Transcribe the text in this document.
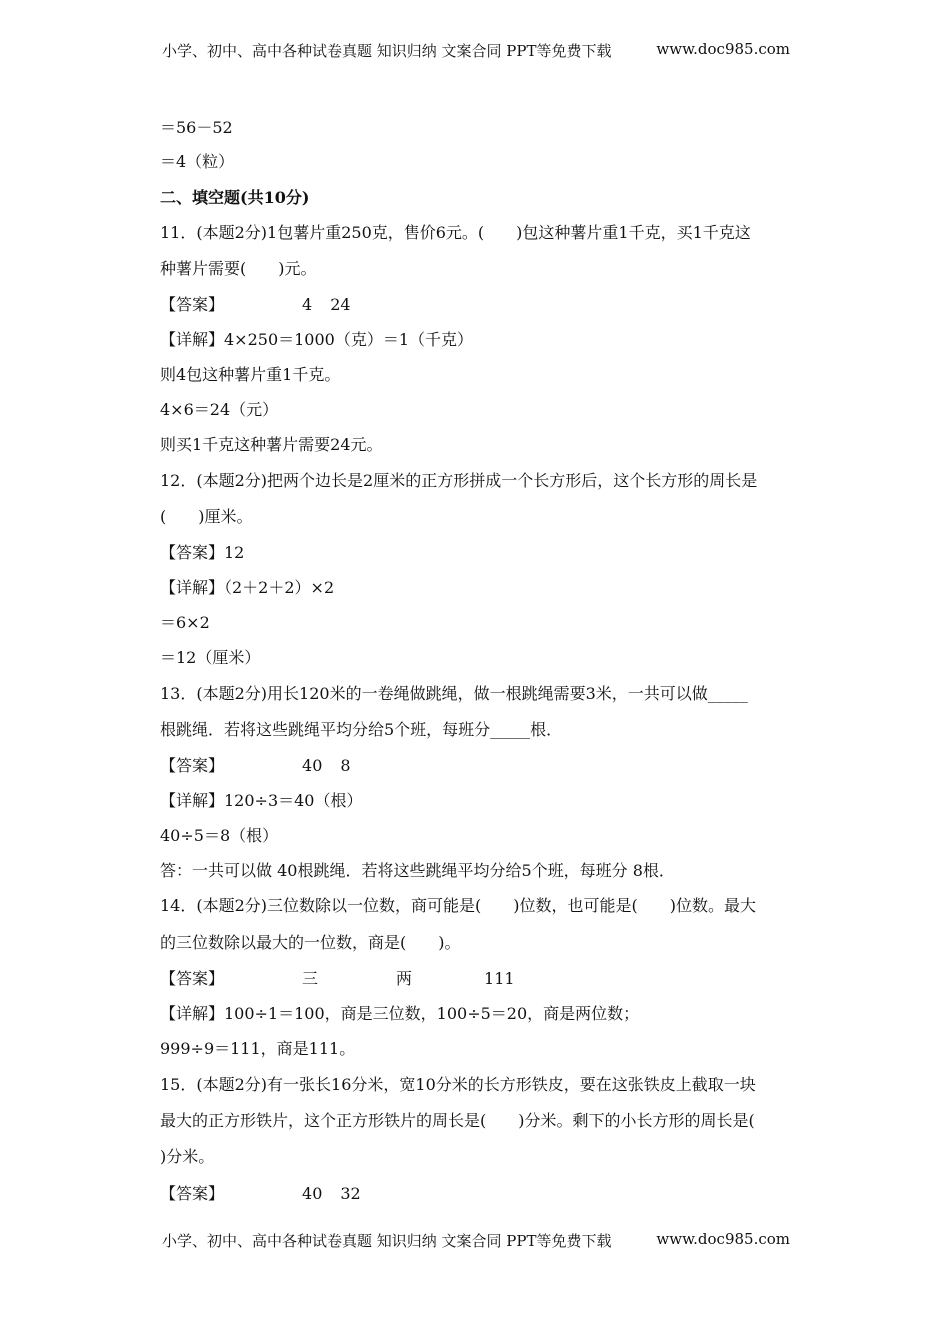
小学、初中、高中各种试卷真题 知识归纳 文案合同 PPT等免费下载	www.doc985.com
＝56－52
＝4（粒）
二、填空题(共10分)
11．(本题2分)1包薯片重250克，售价6元。(　　)包这种薯片重1千克，买1千克这
种薯片需要(　　)元。
【答案】	4 24
【详解】4×250＝1000（克）＝1（千克）
则4包这种薯片重1千克。
4×6＝24（元）
则买1千克这种薯片需要24元。
12．(本题2分)把两个边长是2厘米的正方形拼成一个长方形后，这个长方形的周长是
(　　)厘米。
【答案】12
【详解】（2＋2＋2）×2
＝6×2
＝12（厘米）
13．(本题2分)用长120米的一卷绳做跳绳，做一根跳绳需要3米，一共可以做_____
根跳绳．若将这些跳绳平均分给5个班，每班分_____根．
【答案】	40 8
【详解】120÷3＝40（根）
40÷5＝8（根）
答：一共可以做 40根跳绳．若将这些跳绳平均分给5个班，每班分 8根．
14．(本题2分)三位数除以一位数，商可能是(　　)位数，也可能是(　　)位数。最大
的三位数除以最大的一位数，商是(　　)。
【答案】	三	两	111
【详解】100÷1＝100，商是三位数，100÷5＝20，商是两位数；
999÷9＝111，商是111。
15．(本题2分)有一张长16分米，宽10分米的长方形铁皮，要在这张铁皮上截取一块
最大的正方形铁片，这个正方形铁片的周长是(　　)分米。剩下的小长方形的周长是(
)分米。
【答案】	40 32
小学、初中、高中各种试卷真题 知识归纳 文案合同 PPT等免费下载	www.doc985.com
